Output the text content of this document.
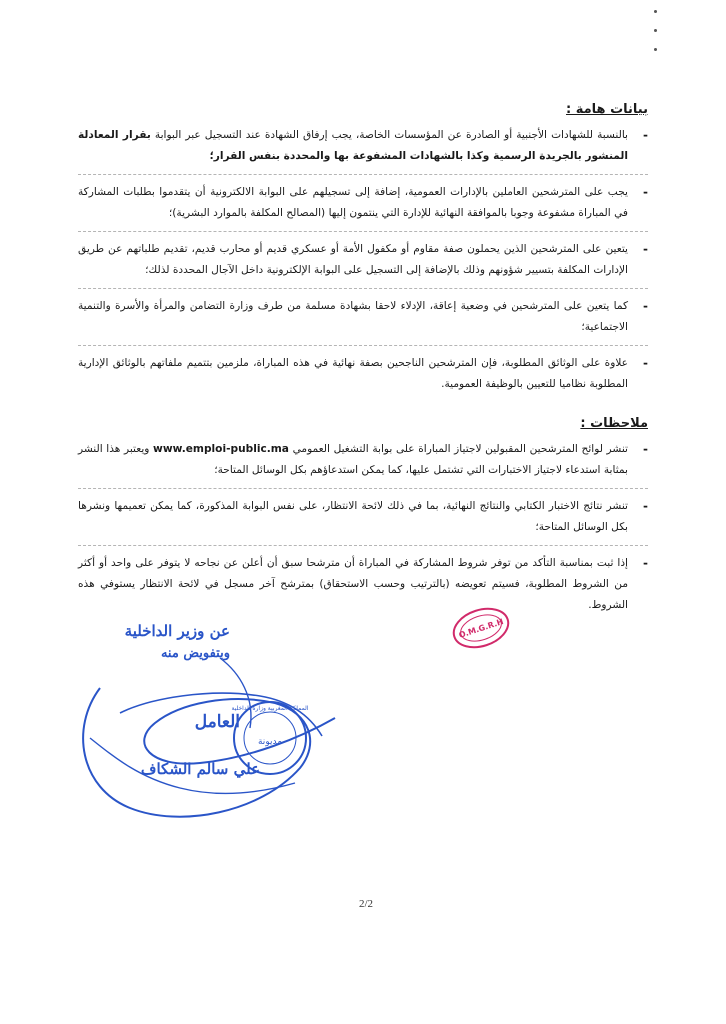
بيانات هامة :
-
بالنسبة للشهادات الأجنبية أو الصادرة عن المؤسسات الخاصة، يجب إرفاق الشهادة عند التسجيل عبر البوابة بقرار المعادلة المنشور بالجريدة الرسمية وكذا بالشهادات المشفوعة بها والمحددة بنفس القرار؛
-
يجب على المترشحين العاملين بالإدارات العمومية، إضافة إلى تسجيلهم على البوابة الالكترونية أن يتقدموا بطلبات المشاركة في المباراة مشفوعة وجوبا بالموافقة النهائية للإدارة التي ينتمون إليها (المصالح المكلفة بالموارد البشرية)؛
-
يتعين على المترشحين الذين يحملون صفة مقاوم أو مكفول الأمة أو عسكري قديم أو محارب قديم، تقديم طلباتهم عن طريق الإدارات المكلفة بتسيير شؤونهم وذلك بالإضافة إلى التسجيل على البوابة الإلكترونية داخل الآجال المحددة لذلك؛
-
كما يتعين على المترشحين في وضعية إعاقة، الإدلاء لاحقا بشهادة مسلمة من طرف وزارة التضامن والمرأة والأسرة والتنمية الاجتماعية؛
-
علاوة على الوثائق المطلوبة، فإن المترشحين الناجحين بصفة نهائية في هذه المباراة، ملزمين بتتميم ملفاتهم بالوثائق الإدارية المطلوبة نظاميا للتعيين بالوظيفة العمومية.
ملاحظات :
-
تنشر لوائح المترشحين المقبولين لاجتياز المباراة على بوابة التشغيل العمومي www.emploi-public.ma ويعتبر هذا النشر بمثابة استدعاء لاجتياز الاختبارات التي تشتمل عليها، كما يمكن استدعاؤهم بكل الوسائل المتاحة؛
-
تنشر نتائج الاختبار الكتابي والنتائج النهائية، بما في ذلك لائحة الانتظار، على نفس البوابة المذكورة، كما يمكن تعميمها ونشرها بكل الوسائل المتاحة؛
-
إذا ثبت بمناسبة التأكد من توفر شروط المشاركة في المباراة أن مترشحا سبق أن أعلن عن نجاحه لا يتوفر على واحد أو أكثر من الشروط المطلوبة، فسيتم تعويضه (بالترتيب وحسب الاستحقاق) بمترشح آخر مسجل في لائحة الانتظار يستوفي هذه الشروط.
O.M.G.R.H
المملكة المغربية وزارة الداخلية
مديونة
عن وزير الداخلية
وبتفويض منه
العامل
علي سالم الشكاف
2/2
